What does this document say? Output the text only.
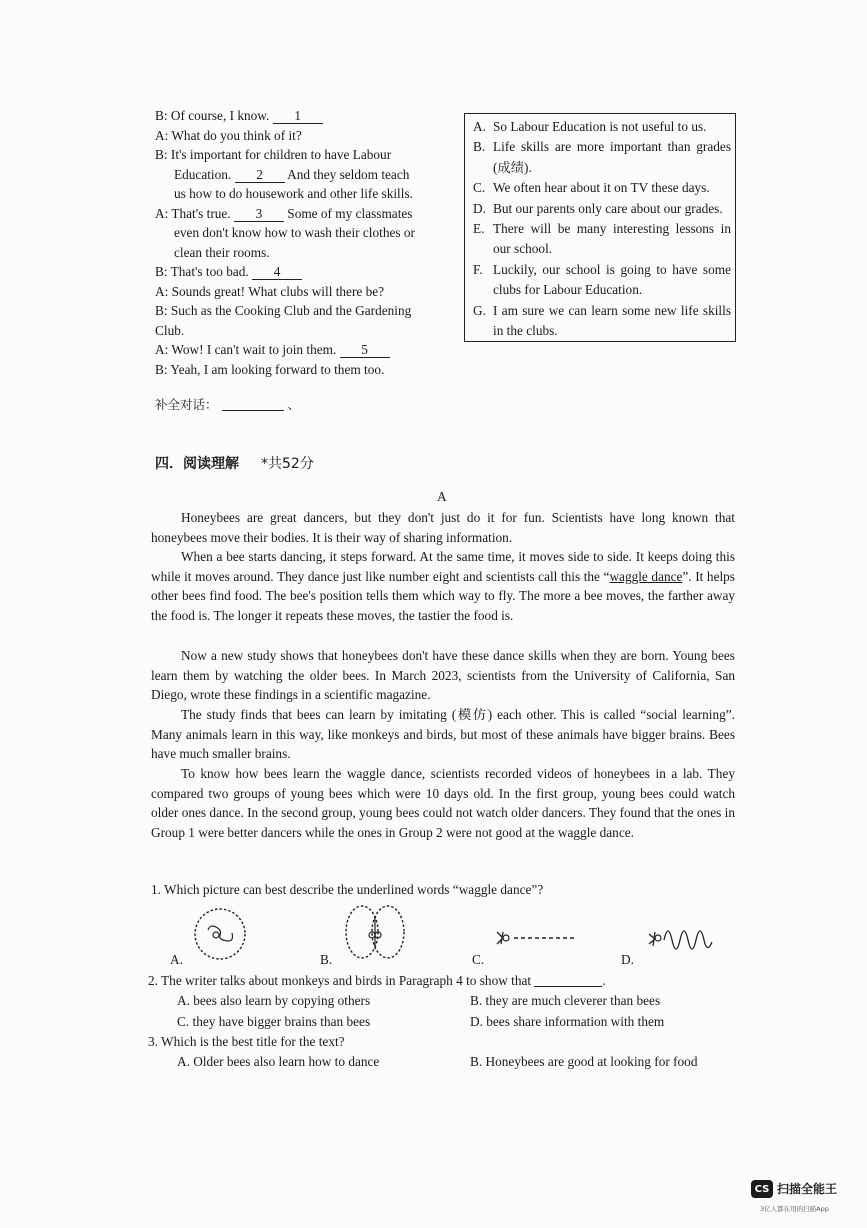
B: Of course, I know. 1
A: What do you think of it?
B: It's important for children to have Labour
Education. 2 And they seldom teach
us how to do housework and other life skills.
A: That's true. 3 Some of my classmates
even don't know how to wash their clothes or
clean their rooms.
B: That's too bad. 4
A: Sounds great! What clubs will there be?
B: Such as the Cooking Club and the Gardening
Club.
A: Wow! I can't wait to join them. 5
B: Yeah, I am looking forward to them too.
A. So Labour Education is not useful to us.
B. Life skills are more important than grades (成绩).
C. We often hear about it on TV these days.
D. But our parents only care about our grades.
E. There will be many interesting lessons in our school.
F. Luckily, our school is going to have some clubs for Labour Education.
G. I am sure we can learn some new life skills in the clubs.
补全对话：	、
四．阅读理解 *共52分
A
Honeybees are great dancers, but they don't just do it for fun. Scientists have long known that honeybees move their bodies. It is their way of sharing information.
When a bee starts dancing, it steps forward. At the same time, it moves side to side. It keeps doing this while it moves around. They dance just like number eight and scientists call this the “waggle dance”. It helps other bees find food. The bee's position tells them which way to fly. The more a bee moves, the farther away the food is. The longer it repeats these moves, the tastier the food is.
Now a new study shows that honeybees don't have these dance skills when they are born. Young bees learn them by watching the older bees. In March 2023, scientists from the University of California, San Diego, wrote these findings in a scientific magazine.
The study finds that bees can learn by imitating (模仿) each other. This is called “social learning”. Many animals learn in this way, like monkeys and birds, but most of these animals have bigger brains. Bees have much smaller brains.
To know how bees learn the waggle dance, scientists recorded videos of honeybees in a lab. They compared two groups of young bees which were 10 days old. In the first group, young bees could watch older ones dance. In the second group, young bees could not watch older dancers. They found that the ones in Group 1 were better dancers while the ones in Group 2 were not good at the waggle dance.
1. Which picture can best describe the underlined words “waggle dance”?
A.	B.	C.	D.
2. The writer talks about monkeys and birds in Paragraph 4 to show that	.
A. bees also learn by copying others	B. they are much cleverer than bees
C. they have bigger brains than bees	D. bees share information with them
3. Which is the best title for the text?
A. Older bees also learn how to dance	B. Honeybees are good at looking for food
CS 扫描全能王
3亿人都在用的扫描App
